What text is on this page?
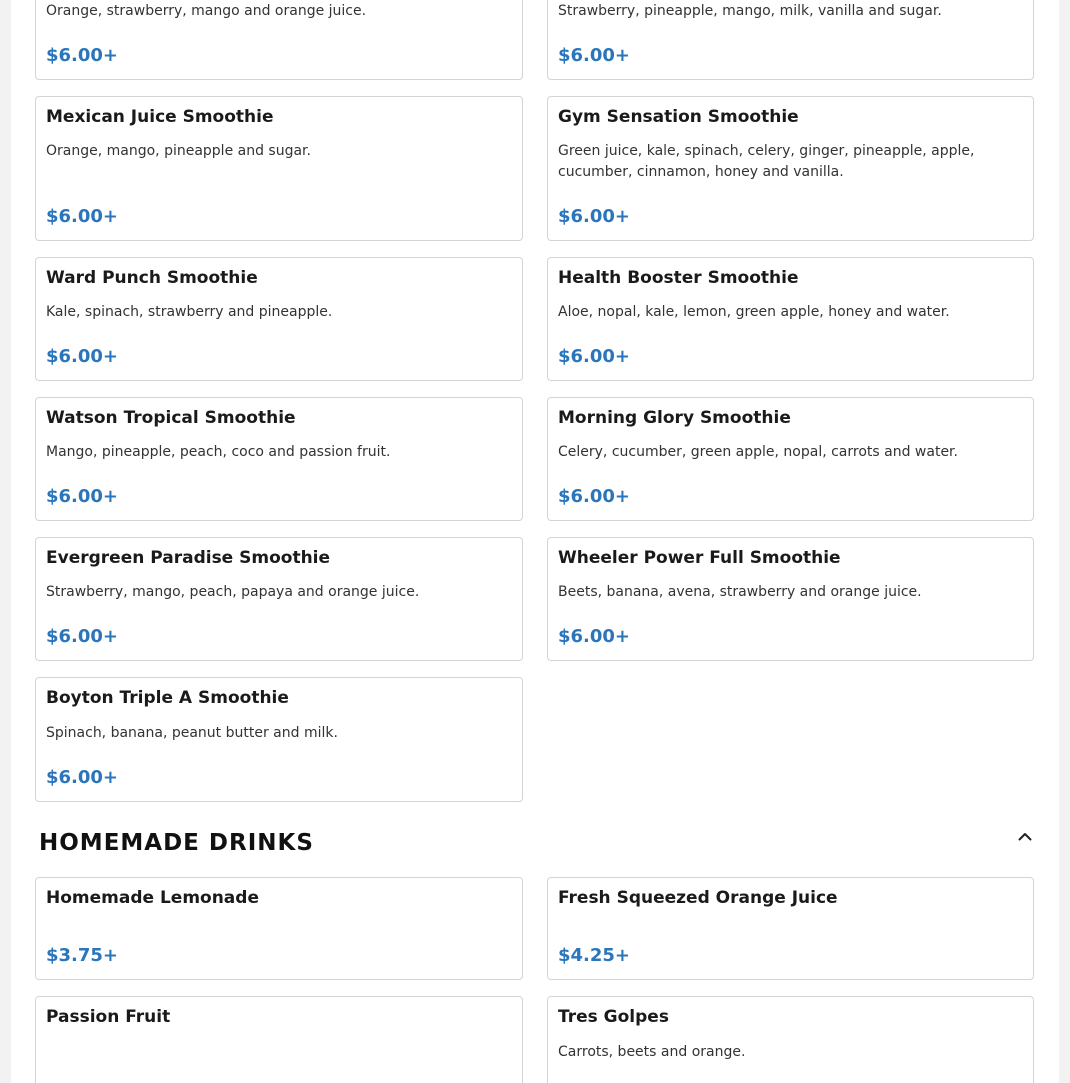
Orange, strawberry, mango and orange juice.
$6.00+
Strawberry, pineapple, mango, milk, vanilla and sugar.
$6.00+
Mexican Juice Smoothie
Orange, mango, pineapple and sugar.
$6.00+
Gym Sensation Smoothie
Green juice, kale, spinach, celery, ginger, pineapple, apple, cucumber, cinnamon, honey and vanilla.
$6.00+
Ward Punch Smoothie
Kale, spinach, strawberry and pineapple.
$6.00+
Health Booster Smoothie
Aloe, nopal, kale, lemon, green apple, honey and water.
$6.00+
Watson Tropical Smoothie
Mango, pineapple, peach, coco and passion fruit.
$6.00+
Morning Glory Smoothie
Celery, cucumber, green apple, nopal, carrots and water.
$6.00+
Evergreen Paradise Smoothie
Strawberry, mango, peach, papaya and orange juice.
$6.00+
Wheeler Power Full Smoothie
Beets, banana, avena, strawberry and orange juice.
$6.00+
Boyton Triple A Smoothie
Spinach, banana, peanut butter and milk.
$6.00+
HOMEMADE DRINKS
Homemade Lemonade
$3.75+
Fresh Squeezed Orange Juice
$4.25+
Passion Fruit	Tres Golpes
Carrots, beets and orange.
